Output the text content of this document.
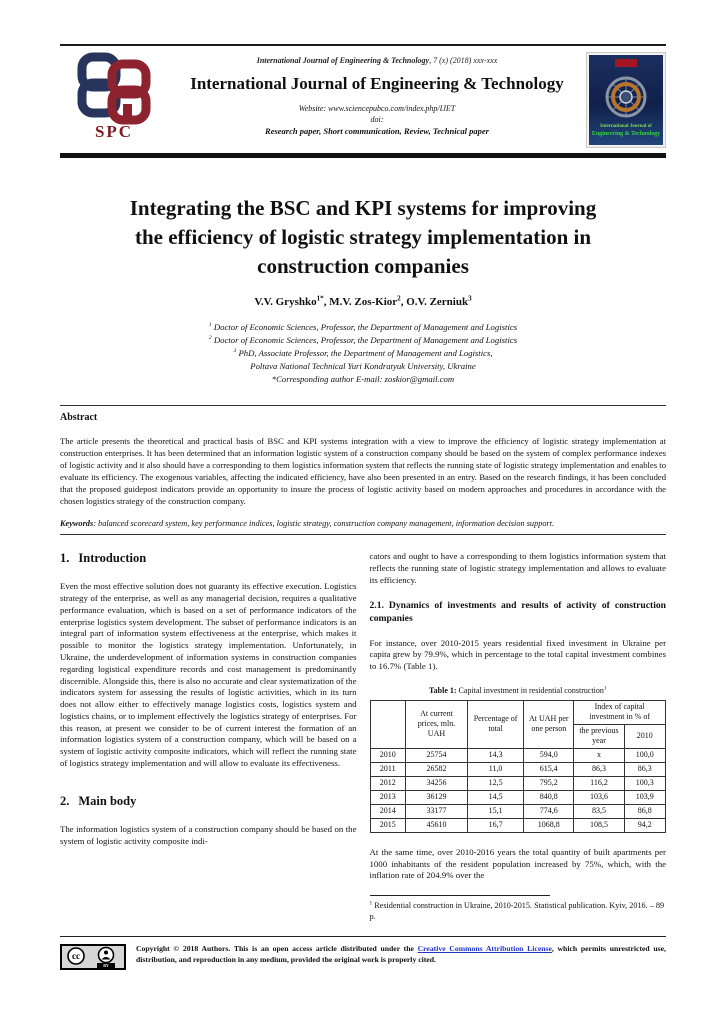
SPC
International Journal of Engineering & Technology, 7 (x) (2018) xxx-xxx
International Journal of Engineering & Technology
Website: www.sciencepubco.com/index.php/IJET
doi:
Research paper, Short communication, Review, Technical paper	International Journal of
Engineering & Technology
Integrating the BSC and KPI systems for improving
the efficiency of logistic strategy implementation in
construction companies
V.V. Gryshko$^{1*}$, M.V. Zos-Kior$^2$, O.V. Zerniuk$^3$
$^1$ Doctor of Economic Sciences, Professor, the Department of Management and Logistics
$^2$ Doctor of Economic Sciences, Professor, the Department of Management and Logistics
$^3$ PhD, Associate Professor, the Department of Management and Logistics,
Poltava National Technical Yuri Kondratyuk University, Ukraine
*Corresponding author E-mail: zoskior@gmail.com
Abstract

The article presents the theoretical and practical basis of BSC and KPI systems integration with a view to improve the efficiency of logistic strategy implementation at construction enterprises. It has been determined that an information logistic system of a construction company should be based on the system of complex performance indexes of logistic activity and it also should have a corresponding to them logistics information system that reflects the running state of logistic strategy implementation and enables to evaluate its efficiency. The exogenous variables, affecting the indicated efficiency, have also been presented in an entry. Based on the research findings, it has been concluded that the proposed guidepost indicators provide an opportunity to insure the process of logistic activity based on modern approaches and procedures in accordance with the chosen logistics strategy of the construction company.

Keywords: balanced scorecard system, key performance indices, logistic strategy, construction company management, information decision support.
1. Introduction

Even the most effective solution does not guaranty its effective execution. Logistics strategy of the enterprise, as well as any managerial decision, requires a qualitative performance evaluation, which is based on a set of performance indicators of the enterprise logistics system development. The subset of performance indicators is an integral part of information system effectiveness at the enterprise, which makes it possible to monitor the logistics strategy implementation. Unfortunately, in Ukraine, the underdevelopment of information systems in construction companies regarding logistical expenditure records and cost management is predominantly discernible. Alongside this, there is also no accurate and clear systematization of the indicators system for assessing the results of logistic activities, which in its turn does not allow either to effectively manage logistics costs, logistics system and logistics chains, or to implement effectively the logistics strategy of enterprises. For this reason, at present we consider to be of current interest the formation of an information logistics system of a construction company, which will be based on a system of logistic activity composite indicators, which will reflect the running state of logistics strategy implementation and will allow to evaluate its effectiveness.

2. Main body

The information logistics system of a construction company should be based on the system of logistic activity composite indi-

cators and ought to have a corresponding to them logistics information system that reflects the running state of logistic strategy implementation and allows to evaluate its efficiency.

2.1. Dynamics of investments and results of activity of construction companies

For instance, over 2010-2015 years residential fixed investment in Ukraine per capita grew by 79.9%, which in percentage to the total capital investment combines to 16.7% (Table 1).

Table 1: Capital investment in residential construction$^1$
	At current prices, mln. UAH	Percentage of total	At UAH per one person	Index of capital investment in % of	
				the previous year	2010
2010	25754	14,3	594,0	x	100,0
2011	26582	11,0	615,4	86,3	86,3
2012	34256	12,5	795,2	116,2	100,3
2013	36129	14,5	840,8	103,6	103,9
2014	33177	15,1	774,6	83,5	86,8
2015	45610	16,7	1068,8	108,5	94,2

At the same time, over 2010-2016 years the total quantity of built apartments per 1000 inhabitants of the resident population increased by 75%, which, with the inflation rate of 204.9% over the

$^1$ Residential construction in Ukraine, 2010-2015. Statistical publication. Kyiv, 2016. – 89 p.
cc
BY
Copyright © 2018 Authors. This is an open access article distributed under the Creative Commons Attribution License, which permits unrestricted use, distribution, and reproduction in any medium, provided the original work is properly cited.
